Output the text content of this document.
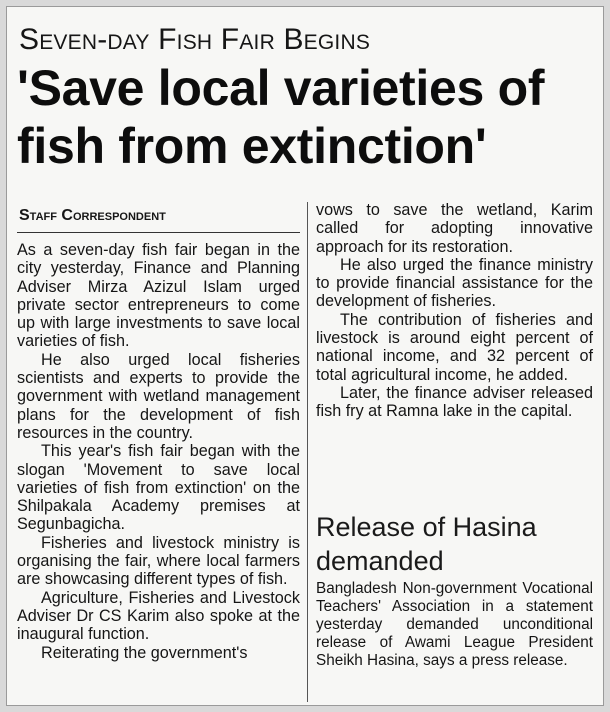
Seven-day Fish Fair Begins
'Save local varieties of fish from extinction'
Staff Correspondent

As a seven-day fish fair began in the city yesterday, Finance and Planning Adviser Mirza Azizul Islam urged private sector entrepreneurs to come up with large investments to save local varieties of fish.

He also urged local fisheries scientists and experts to provide the government with wetland management plans for the development of fish resources in the country.

This year's fish fair began with the slogan 'Movement to save local varieties of fish from extinction' on the Shilpakala Academy premises at Segunbagicha.

Fisheries and livestock ministry is organising the fair, where local farmers are showcasing different types of fish.

Agriculture, Fisheries and Livestock Adviser Dr CS Karim also spoke at the inaugural function.

Reiterating the government's

vows to save the wetland, Karim called for adopting innovative approach for its restoration.

He also urged the finance ministry to provide financial assistance for the development of fisheries.

The contribution of fisheries and livestock is around eight percent of national income, and 32 percent of total agricultural income, he added.

Later, the finance adviser released fish fry at Ramna lake in the capital.

Release of Hasina demanded

Bangladesh Non-government Vocational Teachers' Association in a statement yesterday demanded unconditional release of Awami League President Sheikh Hasina, says a press release.
